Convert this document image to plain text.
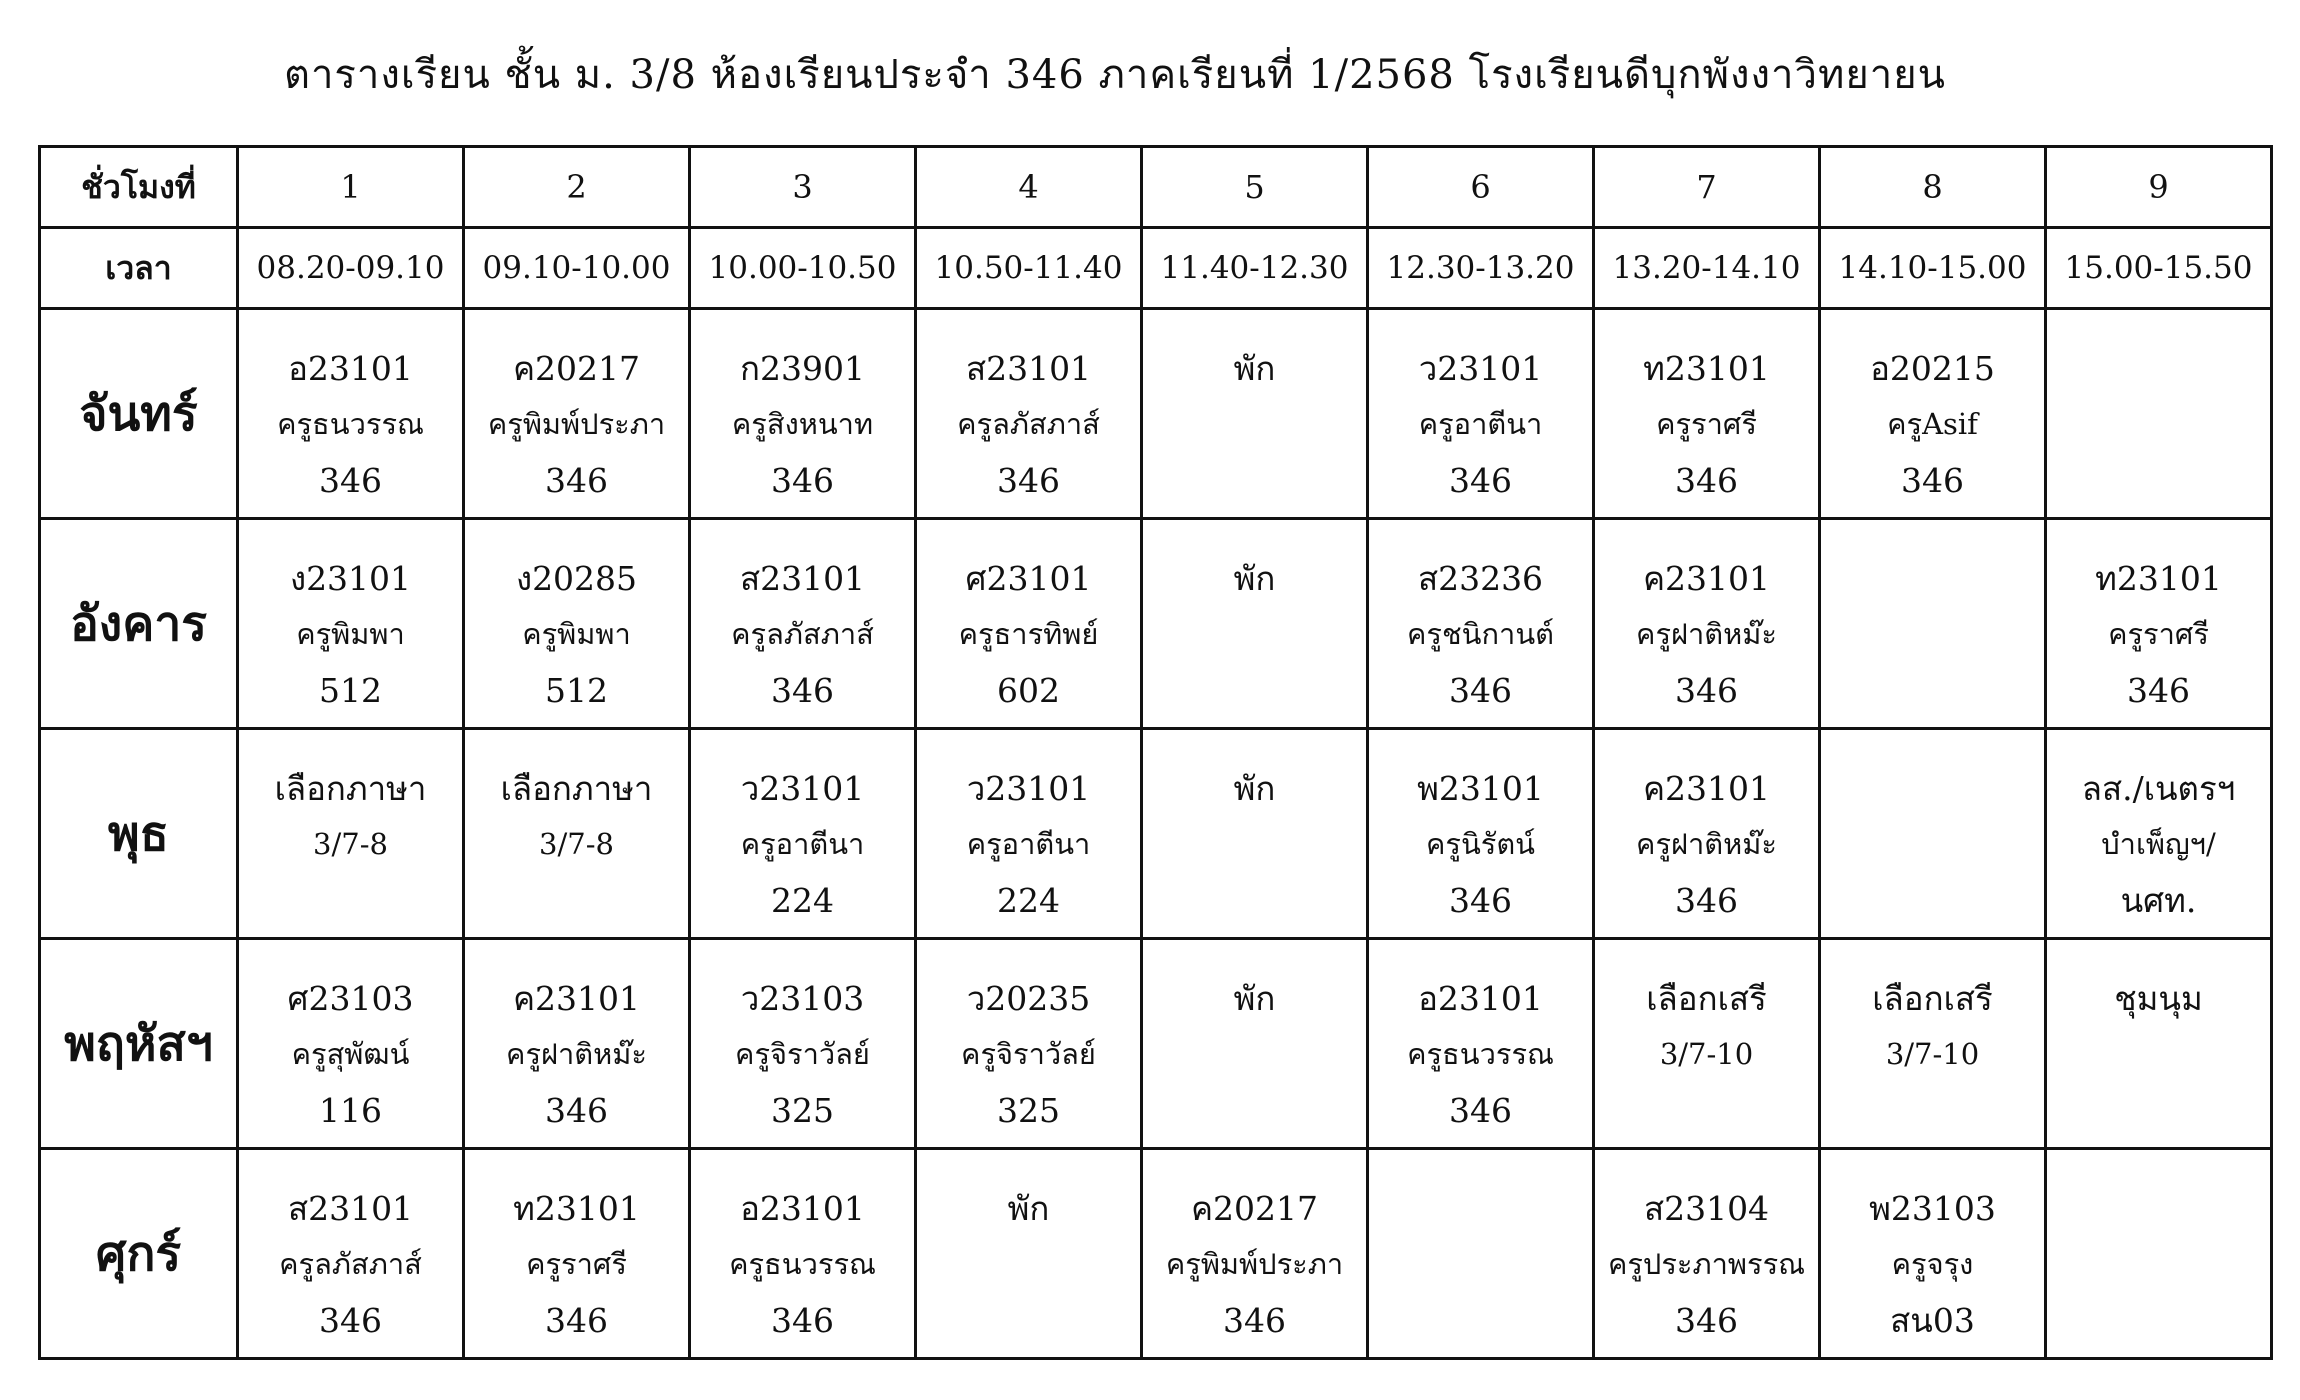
ตารางเรียน ชั้น ม. 3/8 ห้องเรียนประจำ 346 ภาคเรียนที่ 1/2568 โรงเรียนดีบุกพังงาวิทยายน
ชั่วโมงที่	1	2	3	4	5	6	7	8	9
เวลา	08.20-09.10	09.10-10.00	10.00-10.50	10.50-11.40	11.40-12.30	12.30-13.20	13.20-14.10	14.10-15.00	15.00-15.50
จันทร์	อ23101
ครูธนวรรณ
346	ค20217
ครูพิมพ์ประภา
346	ก23901
ครูสิงหนาท
346	ส23101
ครูลภัสภาส์
346	พัก	ว23101
ครูอาตีนา
346	ท23101
ครูราศรี
346	อ20215
ครูAsif
346	

อังคาร	ง23101
ครูพิมพา
512	ง20285
ครูพิมพา
512	ส23101
ครูลภัสภาส์
346	ศ23101
ครูธารทิพย์
602	พัก	ส23236
ครูชนิกานต์
346	ค23101
ครูฝาติหม๊ะ
346		ท23101
ครูราศรี
346

พุธ	เลือกภาษา
3/7-8	เลือกภาษา
3/7-8	ว23101
ครูอาตีนา
224	ว23101
ครูอาตีนา
224	พัก	พ23101
ครูนิรัตน์
346	ค23101
ครูฝาติหม๊ะ
346		ลส./เนตรฯ
บำเพ็ญฯ/
นศท.

พฤหัสฯ	ศ23103
ครูสุพัฒน์
116	ค23101
ครูฝาติหม๊ะ
346	ว23103
ครูจิราวัลย์
325	ว20235
ครูจิราวัลย์
325	พัก	อ23101
ครูธนวรรณ
346	เลือกเสรี
3/7-10	เลือกเสรี
3/7-10	ชุมนุม

ศุกร์	ส23101
ครูลภัสภาส์
346	ท23101
ครูราศรี
346	อ23101
ครูธนวรรณ
346	พัก	ค20217
ครูพิมพ์ประภา
346		ส23104
ครูประภาพรรณ
346	พ23103
ครูจรุง
สน03	
